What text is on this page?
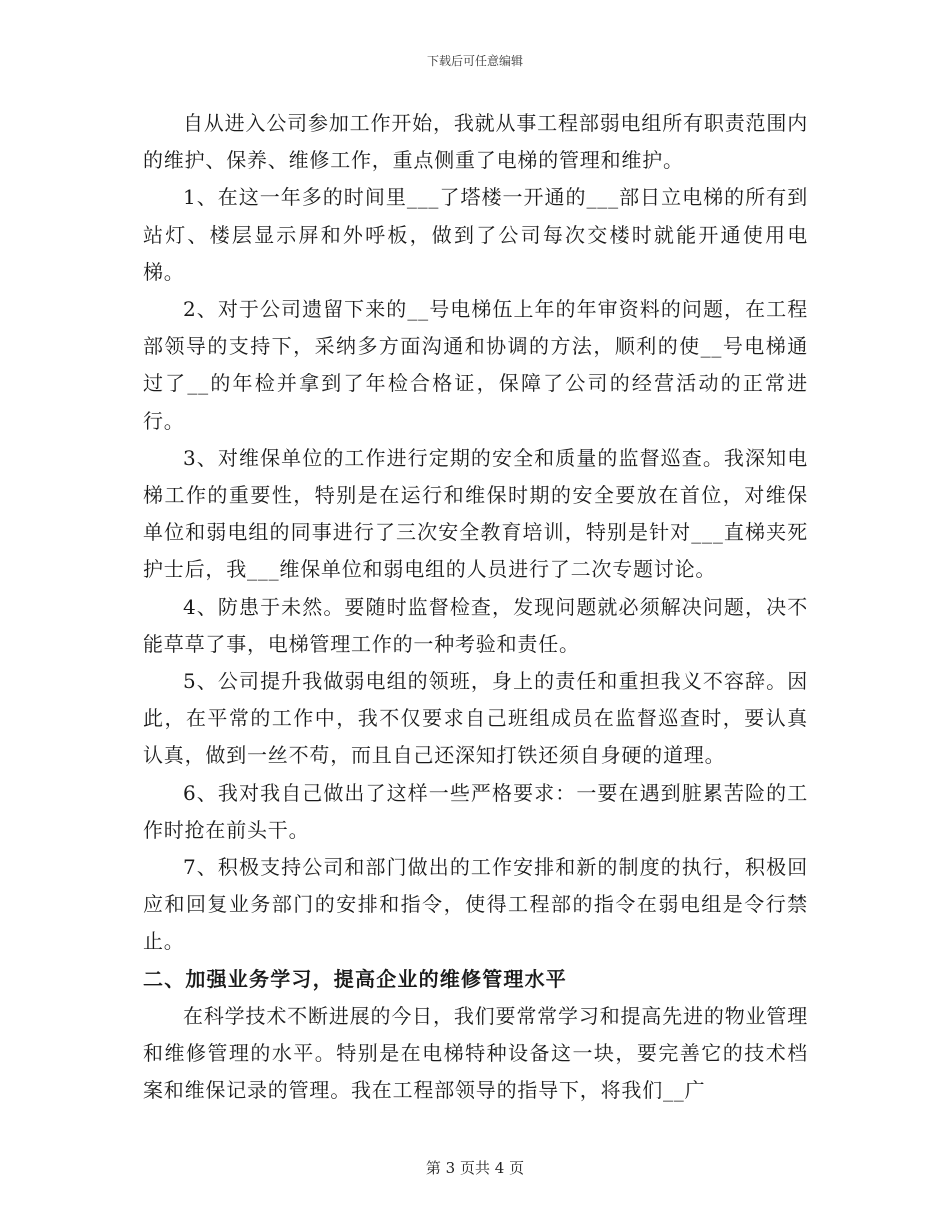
下载后可任意编辑

自从进入公司参加工作开始，我就从事工程部弱电组所有职责范围内的维护、保养、维修工作，重点侧重了电梯的管理和维护。

1、在这一年多的时间里___了塔楼一开通的___部日立电梯的所有到站灯、楼层显示屏和外呼板，做到了公司每次交楼时就能开通使用电梯。

2、对于公司遗留下来的__号电梯伍上年的年审资料的问题，在工程部领导的支持下，采纳多方面沟通和协调的方法，顺利的使__号电梯通过了__的年检并拿到了年检合格证，保障了公司的经营活动的正常进行。

3、对维保单位的工作进行定期的安全和质量的监督巡查。我深知电梯工作的重要性，特别是在运行和维保时期的安全要放在首位，对维保单位和弱电组的同事进行了三次安全教育培训，特别是针对___直梯夹死护士后，我___维保单位和弱电组的人员进行了二次专题讨论。

4、防患于未然。要随时监督检查，发现问题就必须解决问题，决不能草草了事，电梯管理工作的一种考验和责任。

5、公司提升我做弱电组的领班，身上的责任和重担我义不容辞。因此，在平常的工作中，我不仅要求自己班组成员在监督巡查时，要认真认真，做到一丝不苟，而且自己还深知打铁还须自身硬的道理。

6、我对我自己做出了这样一些严格要求：一要在遇到脏累苦险的工作时抢在前头干。

7、积极支持公司和部门做出的工作安排和新的制度的执行，积极回应和回复业务部门的安排和指令，使得工程部的指令在弱电组是令行禁止。

二、加强业务学习，提高企业的维修管理水平

在科学技术不断进展的今日，我们要常常学习和提高先进的物业管理和维修管理的水平。特别是在电梯特种设备这一块，要完善它的技术档案和维保记录的管理。我在工程部领导的指导下，将我们__广

第 3 页共 4 页
